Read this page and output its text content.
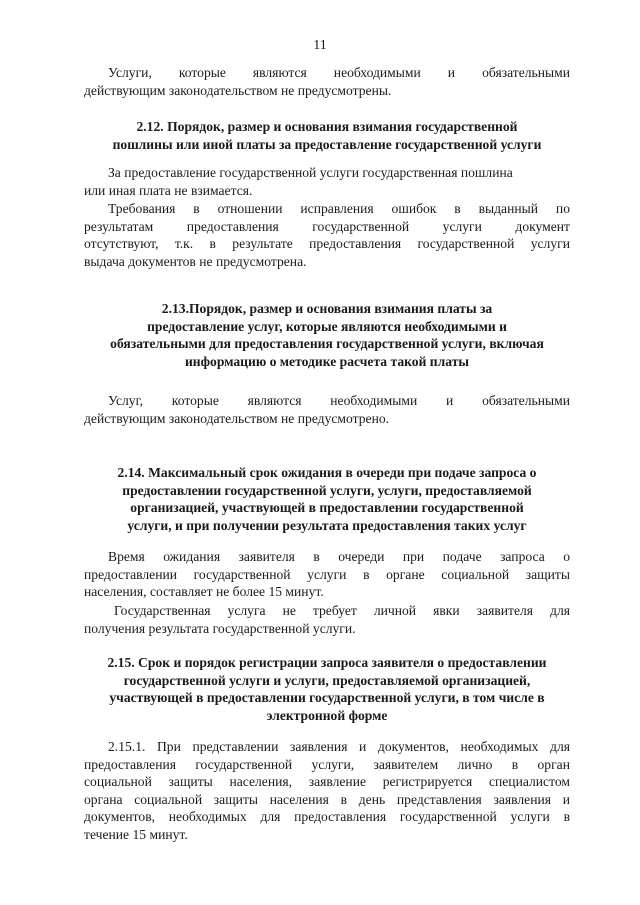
11
Услуги, которые являются необходимыми и обязательными
действующим законодательством не предусмотрены.
2.12. Порядок, размер и основания взимания государственной
пошлины или иной платы за предоставление государственной услуги
За предоставление государственной услуги государственная пошлина
или иная плата не взимается.
Требования в отношении исправления ошибок в выданный по
результатам предоставления государственной услуги документ
отсутствуют, т.к. в результате предоставления государственной услуги
выдача документов не предусмотрена.
2.13.Порядок, размер и основания взимания платы за
предоставление услуг, которые являются необходимыми и
обязательными для предоставления государственной услуги, включая
информацию о методике расчета такой платы
Услуг, которые являются необходимыми и обязательными
действующим законодательством не предусмотрено.
2.14. Максимальный срок ожидания в очереди при подаче запроса о
предоставлении государственной услуги, услуги, предоставляемой
организацией, участвующей в предоставлении государственной
услуги, и при получении результата предоставления таких услуг
Время ожидания заявителя в очереди при подаче запроса о
предоставлении государственной услуги в органе социальной защиты
населения, составляет не более 15 минут.
Государственная услуга не требует личной явки заявителя для
получения результата государственной услуги.
2.15. Срок и порядок регистрации запроса заявителя о предоставлении
государственной услуги и услуги, предоставляемой организацией,
участвующей в предоставлении государственной услуги, в том числе в
электронной форме
2.15.1. При представлении заявления и документов, необходимых для
предоставления государственной услуги, заявителем лично в орган
социальной защиты населения, заявление регистрируется специалистом
органа социальной защиты населения в день представления заявления и
документов, необходимых для предоставления государственной услуги в
течение 15 минут.
